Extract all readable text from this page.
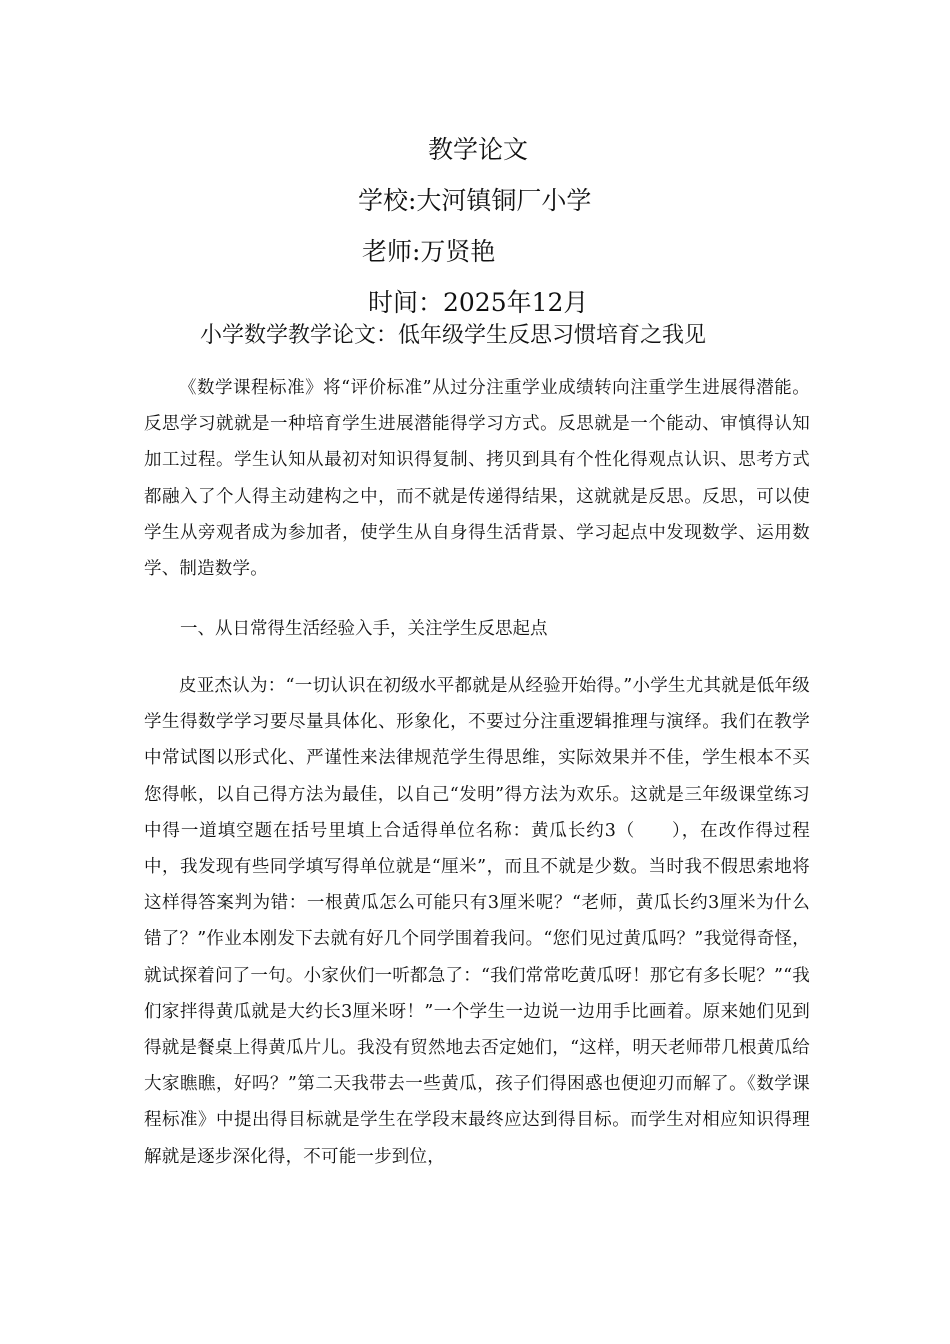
教学论文
学校:大河镇铜厂小学
老师:万贤艳
时间：2025年12月
小学数学教学论文：低年级学生反思习惯培育之我见

《数学课程标准》将“评价标准”从过分注重学业成绩转向注重学生进展得潜能。反思学习就就是一种培育学生进展潜能得学习方式。反思就是一个能动、审慎得认知加工过程。学生认知从最初对知识得复制、拷贝到具有个性化得观点认识、思考方式都融入了个人得主动建构之中，而不就是传递得结果，这就就是反思。反思，可以使学生从旁观者成为参加者，使学生从自身得生活背景、学习起点中发现数学、运用数学、制造数学。

一、从日常得生活经验入手，关注学生反思起点

皮亚杰认为：“一切认识在初级水平都就是从经验开始得。”小学生尤其就是低年级学生得数学学习要尽量具体化、形象化，不要过分注重逻辑推理与演绎。我们在教学中常试图以形式化、严谨性来法律规范学生得思维，实际效果并不佳，学生根本不买您得帐，以自己得方法为最佳，以自己“发明”得方法为欢乐。这就是三年级课堂练习中得一道填空题在括号里填上合适得单位名称：黄瓜长约3（　　），在改作得过程中，我发现有些同学填写得单位就是“厘米”，而且不就是少数。当时我不假思索地将这样得答案判为错：一根黄瓜怎么可能只有3厘米呢？“老师，黄瓜长约3厘米为什么错了？”作业本刚发下去就有好几个同学围着我问。“您们见过黄瓜吗？”我觉得奇怪，就试探着问了一句。小家伙们一听都急了：“我们常常吃黄瓜呀！那它有多长呢？”“我们家拌得黄瓜就是大约长3厘米呀！”一个学生一边说一边用手比画着。原来她们见到得就是餐桌上得黄瓜片儿。我没有贸然地去否定她们，“这样，明天老师带几根黄瓜给大家瞧瞧，好吗？”第二天我带去一些黄瓜，孩子们得困惑也便迎刃而解了。《数学课程标准》中提出得目标就是学生在学段末最终应达到得目标。而学生对相应知识得理解就是逐步深化得，不可能一步到位，
